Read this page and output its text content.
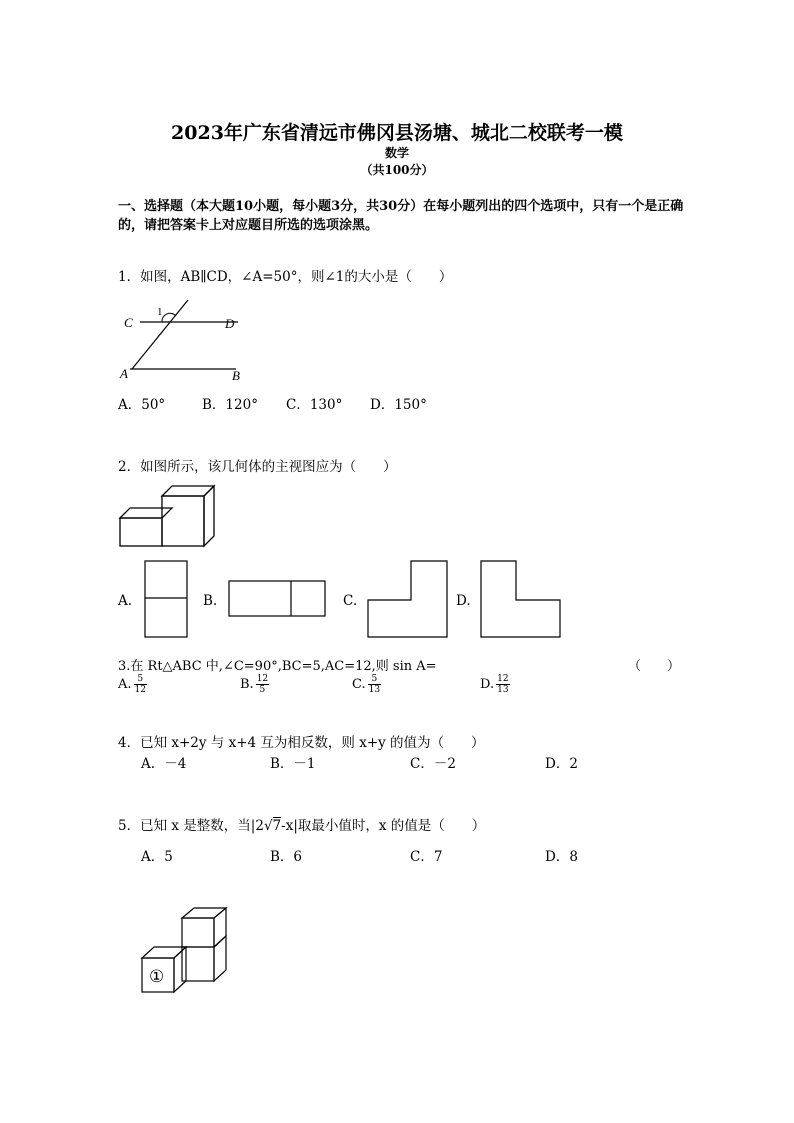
2023年广东省清远市佛冈县汤塘、城北二校联考一模
数学
（共100分）
一、选择题（本大题10小题，每小题3分，共30分）在每小题列出的四个选项中，只有一个是正确的，请把答案卡上对应题目所选的选项涂黑。
1．如图，AB∥CD，∠A=50°，则∠1的大小是（　　）
C	D
A	B
1
A．50°	B．120° C．130° D．150°
2．如图所示，该几何体的主视图应为（　　）
A.	B.	C.	D.
3.在 Rt△ABC 中,∠C=90°,BC=5,AC=12,则 sin A=	（　　）
A. $\frac{5}{12}$	B. $\frac{12}{5}$	C. $\frac{5}{13}$	D. $\frac{12}{13}$
4．已知 x+2y 与 x+4 互为相反数，则 x+y 的值为（　　）
A．－4	B．－1	C．－2	D．2
5．已知 x 是整数，当|2√7-x|取最小值时，x 的值是（　　）
A．5	B．6	C．7	D．8
①
